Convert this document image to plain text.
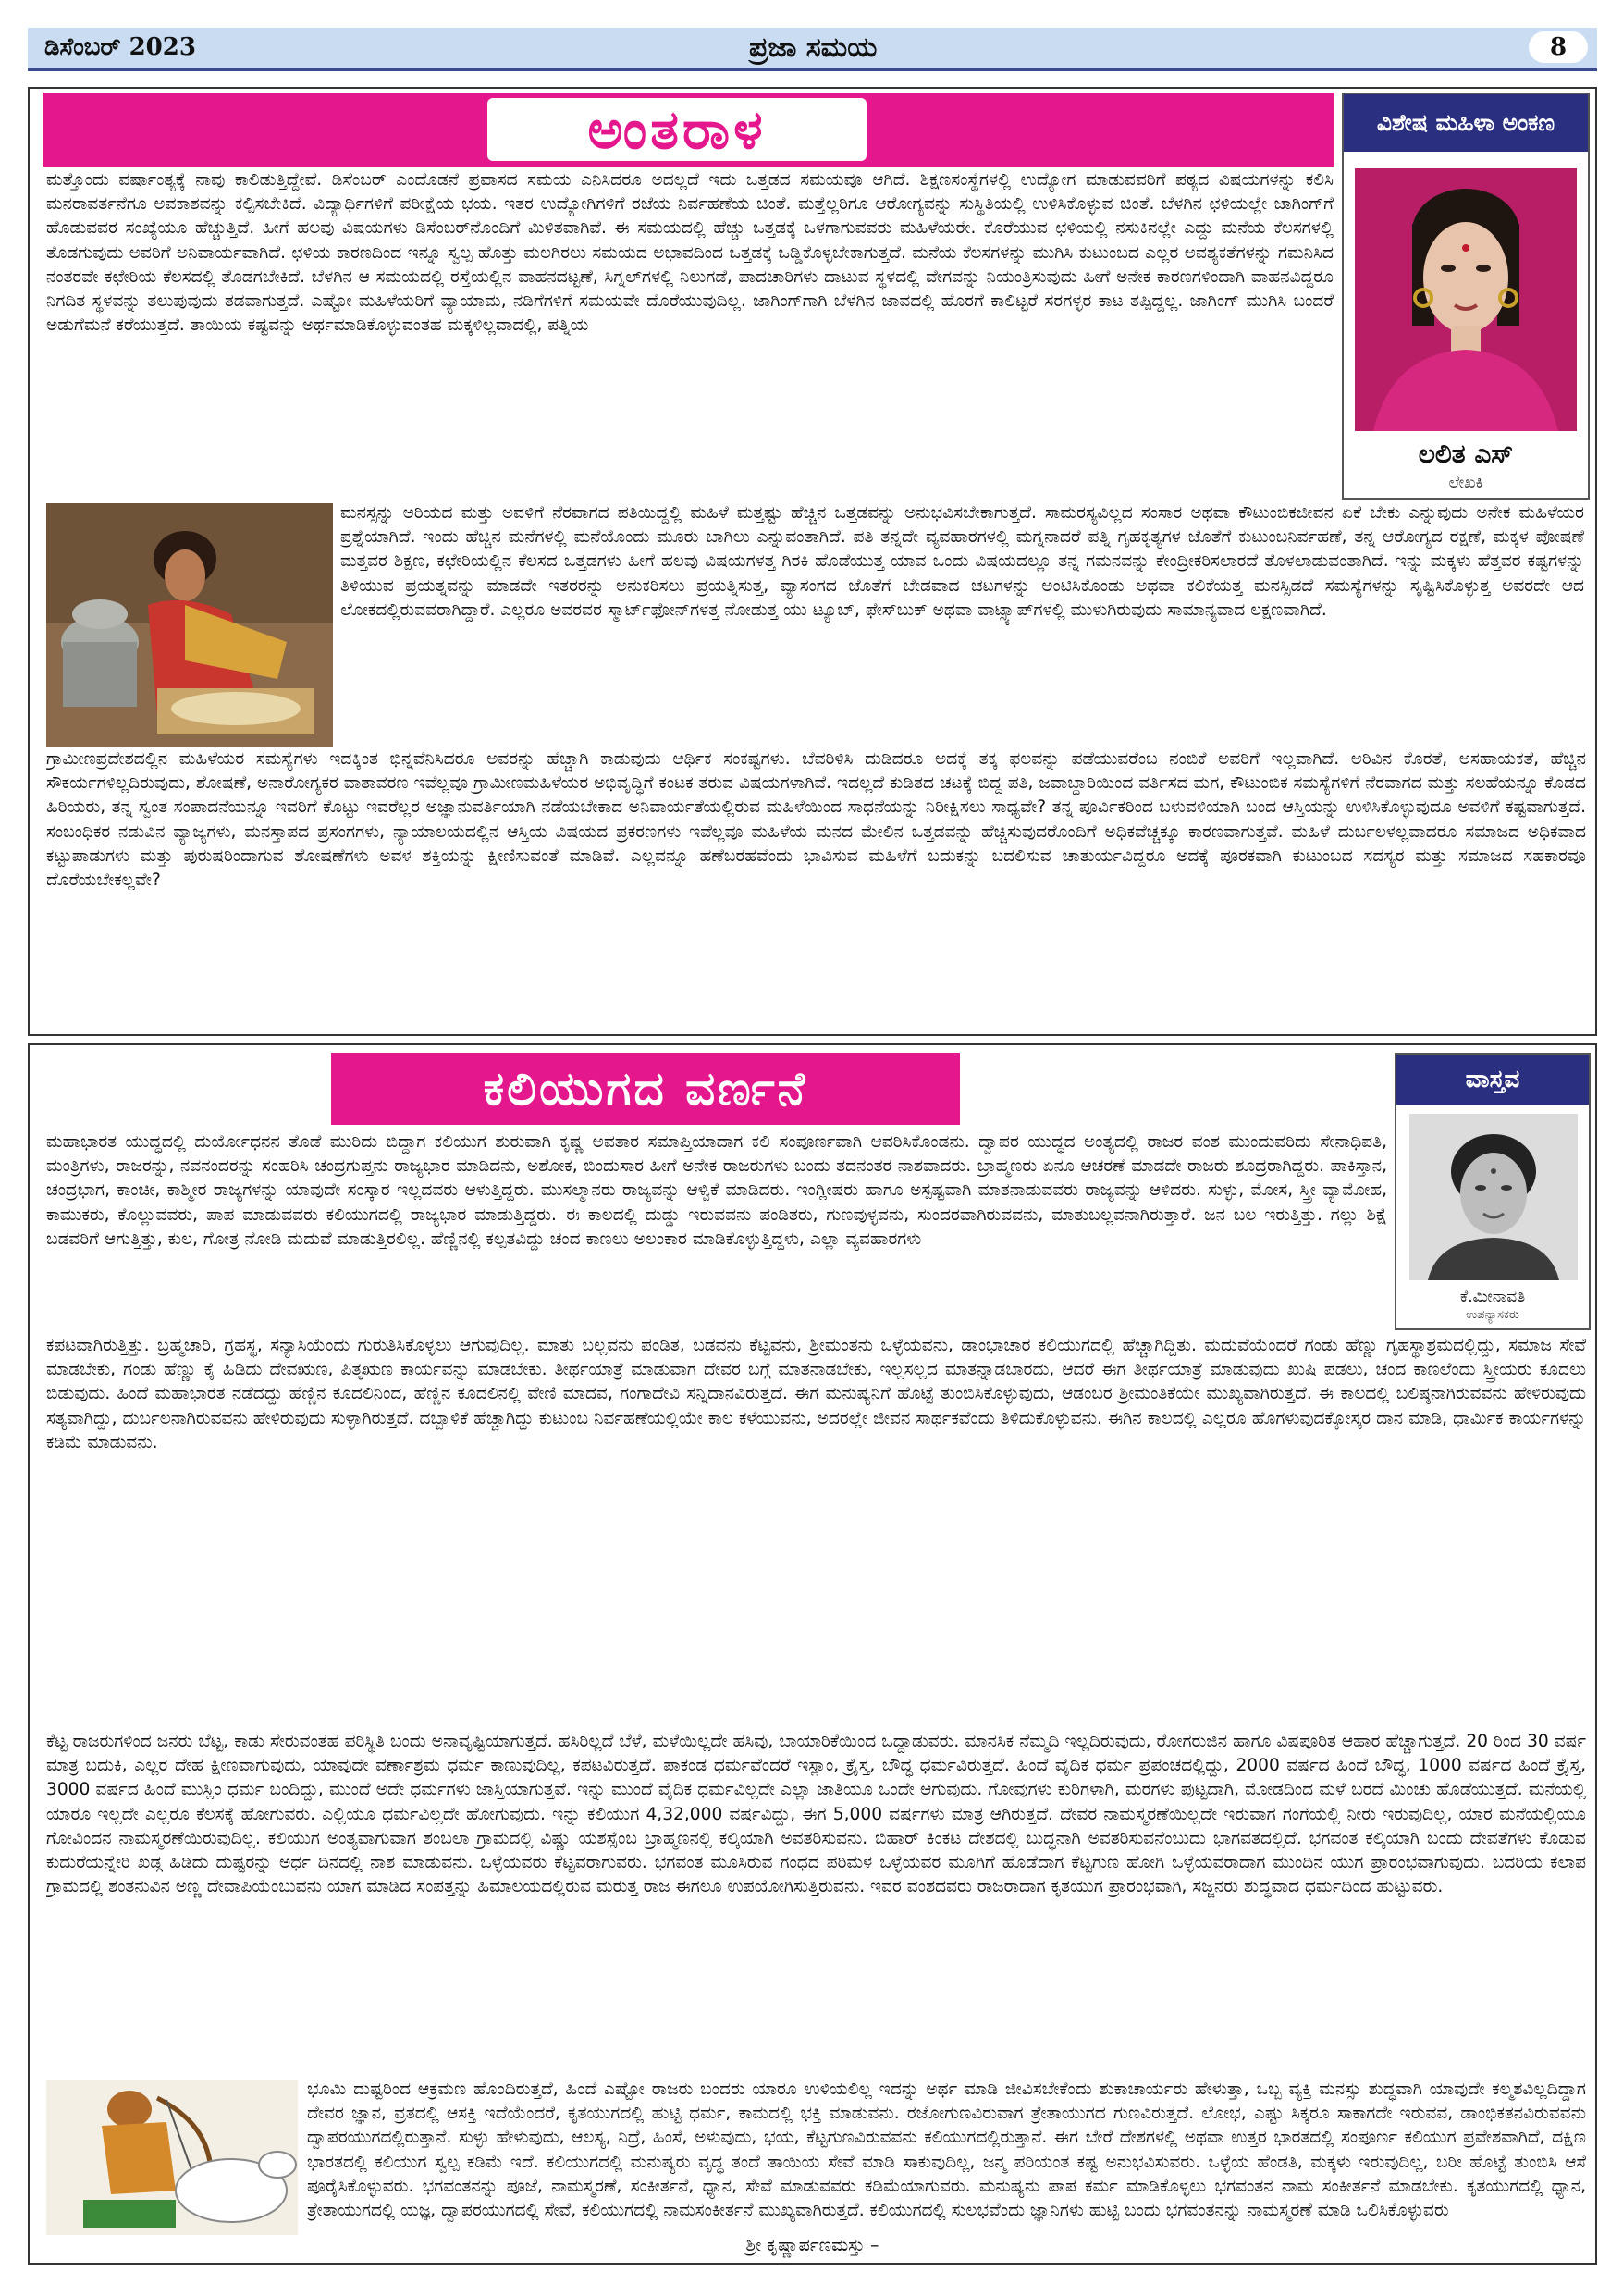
ಡಿಸೆಂಬರ್ 2023	ಪ್ರಜಾ ಸಮಯ	8
ಅಂತರಾಳ	ವಿಶೇಷ ಮಹಿಳಾ ಅಂಕಣ
ಲಲಿತ ಎಸ್
ಲೇಖಕಿ

ಮತ್ತೊಂದು ವರ್ಷಾಂತ್ಯಕ್ಕೆ ನಾವು ಕಾಲಿಡುತ್ತಿದ್ದೇವೆ. ಡಿಸೆಂಬರ್ ಎಂದೊಡನೆ ಪ್ರವಾಸದ ಸಮಯ ಎನಿಸಿದರೂ ಅದಲ್ಲದೆ ಇದು ಒತ್ತಡದ ಸಮಯವೂ ಆಗಿದೆ. ಶಿಕ್ಷಣಸಂಸ್ಥೆಗಳಲ್ಲಿ ಉದ್ಯೋಗ ಮಾಡುವವರಿಗೆ ಪಠ್ಯದ ವಿಷಯಗಳನ್ನು ಕಲಿಸಿ ಮನರಾವರ್ತನೆಗೂ ಅವಕಾಶವನ್ನು ಕಲ್ಪಿಸಬೇಕಿದೆ. ವಿದ್ಯಾರ್ಥಿಗಳಿಗೆ ಪರೀಕ್ಷೆಯ ಭಯ. ಇತರ ಉದ್ಯೋಗಿಗಳಿಗೆ ರಜೆಯ ನಿರ್ವಹಣೆಯ ಚಿಂತೆ. ಮತ್ತೆಲ್ಲರಿಗೂ ಆರೋಗ್ಯವನ್ನು ಸುಸ್ಥಿತಿಯಲ್ಲಿ ಉಳಿಸಿಕೊಳ್ಳುವ ಚಿಂತೆ. ಬೆಳಗಿನ ಛಳಿಯಲ್ಲೇ ಜಾಗಿಂಗ್‌ಗೆ ಹೊಡುವವರ ಸಂಖ್ಯೆಯೂ ಹೆಚ್ಚುತ್ತಿದೆ. ಹೀಗೆ ಹಲವು ವಿಷಯಗಳು ಡಿಸೆಂಬರ್‌ನೊಂದಿಗೆ ಮಿಳಿತವಾಗಿವೆ. ಈ ಸಮಯದಲ್ಲಿ ಹೆಚ್ಚು ಒತ್ತಡಕ್ಕೆ ಒಳಗಾಗುವವರು ಮಹಿಳೆಯರೇ. ಕೊರೆಯುವ ಛಳಿಯಲ್ಲಿ ನಸುಕಿನಲ್ಲೇ ಎದ್ದು ಮನೆಯ ಕೆಲಸಗಳಲ್ಲಿ ತೊಡಗುವುದು ಅವರಿಗೆ ಅನಿವಾರ್ಯವಾಗಿದೆ. ಛಳಿಯ ಕಾರಣದಿಂದ ಇನ್ನೂ ಸ್ವಲ್ಪ ಹೊತ್ತು ಮಲಗಿರಲು ಸಮಯದ ಅಭಾವದಿಂದ ಒತ್ತಡಕ್ಕೆ ಒಡ್ಡಿಕೊಳ್ಳಬೇಕಾಗುತ್ತದೆ. ಮನೆಯ ಕೆಲಸಗಳನ್ನು ಮುಗಿಸಿ ಕುಟುಂಬದ ಎಲ್ಲರ ಅವಶ್ಯಕತೆಗಳನ್ನು ಗಮನಿಸಿದ ನಂತರವೇ ಕಛೇರಿಯ ಕೆಲಸದಲ್ಲಿ ತೊಡಗಬೇಕಿದೆ. ಬೆಳಗಿನ ಆ ಸಮಯದಲ್ಲಿ ರಸ್ತೆಯಲ್ಲಿನ ವಾಹನದಟ್ಟಣೆ, ಸಿಗ್ನಲ್‌ಗಳಲ್ಲಿ ನಿಲುಗಡೆ, ಪಾದಚಾರಿಗಳು ದಾಟುವ ಸ್ಥಳದಲ್ಲಿ ವೇಗವನ್ನು ನಿಯಂತ್ರಿಸುವುದು ಹೀಗೆ ಅನೇಕ ಕಾರಣಗಳಿಂದಾಗಿ ವಾಹನವಿದ್ದರೂ ನಿಗದಿತ ಸ್ಥಳವನ್ನು ತಲುಪುವುದು ತಡವಾಗುತ್ತದೆ. ಎಷ್ಟೋ ಮಹಿಳೆಯರಿಗೆ ವ್ಯಾಯಾಮ, ನಡಿಗೆಗಳಿಗೆ ಸಮಯವೇ ದೊರೆಯುವುದಿಲ್ಲ. ಜಾಗಿಂಗ್‌ಗಾಗಿ ಬೆಳಗಿನ ಜಾವದಲ್ಲಿ ಹೊರಗೆ ಕಾಲಿಟ್ಟರೆ ಸರಗಳ್ಳರ ಕಾಟ ತಪ್ಪಿದ್ದಲ್ಲ. ಜಾಗಿಂಗ್ ಮುಗಿಸಿ ಬಂದರೆ ಅಡುಗೆಮನೆ ಕರೆಯುತ್ತದೆ. ತಾಯಿಯ ಕಷ್ಟವನ್ನು ಅರ್ಥಮಾಡಿಕೊಳ್ಳುವಂತಹ ಮಕ್ಕಳಿಲ್ಲವಾದಲ್ಲಿ, ಪತ್ನಿಯ

ಮನಸ್ಸನ್ನು ಅರಿಯದ ಮತ್ತು ಅವಳಿಗೆ ನೆರವಾಗದ ಪತಿಯಿದ್ದಲ್ಲಿ ಮಹಿಳೆ ಮತ್ತಷ್ಟು ಹೆಚ್ಚಿನ ಒತ್ತಡವನ್ನು ಅನುಭವಿಸಬೇಕಾಗುತ್ತದೆ. ಸಾಮರಸ್ಯವಿಲ್ಲದ ಸಂಸಾರ ಅಥವಾ ಕೌಟುಂಬಿಕಜೀವನ ಏಕೆ ಬೇಕು ಎನ್ನುವುದು ಅನೇಕ ಮಹಿಳೆಯರ ಪ್ರಶ್ನೆಯಾಗಿದೆ. ಇಂದು ಹೆಚ್ಚಿನ ಮನೆಗಳಲ್ಲಿ ಮನೆಯೊಂದು ಮೂರು ಬಾಗಿಲು ಎನ್ನುವಂತಾಗಿದೆ. ಪತಿ ತನ್ನದೇ ವ್ಯವಹಾರಗಳಲ್ಲಿ ಮಗ್ನನಾದರೆ ಪತ್ನಿ ಗೃಹಕೃತ್ಯಗಳ ಜೊತೆಗೆ ಕುಟುಂಬನಿರ್ವಹಣೆ, ತನ್ನ ಆರೋಗ್ಯದ ರಕ್ಷಣೆ, ಮಕ್ಕಳ ಪೋಷಣೆ ಮತ್ತವರ ಶಿಕ್ಷಣ, ಕಛೇರಿಯಲ್ಲಿನ ಕೆಲಸದ ಒತ್ತಡಗಳು ಹೀಗೆ ಹಲವು ವಿಷಯಗಳತ್ತ ಗಿರಕಿ ಹೊಡೆಯುತ್ತ ಯಾವ ಒಂದು ವಿಷಯದಲ್ಲೂ ತನ್ನ ಗಮನವನ್ನು ಕೇಂದ್ರೀಕರಿಸಲಾರದೆ ತೊಳಲಾಡುವಂತಾಗಿದೆ. ಇನ್ನು ಮಕ್ಕಳು ಹೆತ್ತವರ ಕಷ್ಟಗಳನ್ನು ತಿಳಿಯುವ ಪ್ರಯತ್ನವನ್ನು ಮಾಡದೇ ಇತರರನ್ನು ಅನುಕರಿಸಲು ಪ್ರಯತ್ನಿಸುತ್ತ, ವ್ಯಾಸಂಗದ ಜೊತೆಗೆ ಬೇಡವಾದ ಚಟಗಳನ್ನು ಅಂಟಿಸಿಕೊಂಡು ಅಥವಾ ಕಲಿಕೆಯತ್ತ ಮನಸ್ಸಿಡದೆ ಸಮಸ್ಯೆಗಳನ್ನು ಸೃಷ್ಟಿಸಿಕೊಳ್ಳುತ್ತ ಅವರದೇ ಆದ ಲೋಕದಲ್ಲಿರುವವರಾಗಿದ್ದಾರೆ. ಎಲ್ಲರೂ ಅವರವರ ಸ್ಮಾರ್ಟ್‌ಫೋನ್‌ಗಳತ್ತ ನೋಡುತ್ತ ಯು ಟ್ಯೂಬ್, ಫೇಸ್‌ಬುಕ್ ಅಥವಾ ವಾಟ್ಸ್ಯಾಪ್‌ಗಳಲ್ಲಿ ಮುಳುಗಿರುವುದು ಸಾಮಾನ್ಯವಾದ ಲಕ್ಷಣವಾಗಿದೆ.

ಗ್ರಾಮೀಣಪ್ರದೇಶದಲ್ಲಿನ ಮಹಿಳೆಯರ ಸಮಸ್ಯೆಗಳು ಇದಕ್ಕಿಂತ ಭಿನ್ನವೆನಿಸಿದರೂ ಅವರನ್ನು ಹೆಚ್ಚಾಗಿ ಕಾಡುವುದು ಆರ್ಥಿಕ ಸಂಕಷ್ಟಗಳು. ಬೆವರಿಳಿಸಿ ದುಡಿದರೂ ಅದಕ್ಕೆ ತಕ್ಕ ಫಲವನ್ನು ಪಡೆಯುವರೆಂಬ ನಂಬಿಕೆ ಅವರಿಗೆ ಇಲ್ಲವಾಗಿದೆ. ಅರಿವಿನ ಕೊರತೆ, ಅಸಹಾಯಕತೆ, ಹೆಚ್ಚಿನ ಸೌಕರ್ಯಗಳಿಲ್ಲದಿರುವುದು, ಶೋಷಣೆ, ಅನಾರೋಗ್ಯಕರ ವಾತಾವರಣ ಇವೆಲ್ಲವೂ ಗ್ರಾಮೀಣಮಹಿಳೆಯರ ಅಭಿವೃದ್ಧಿಗೆ ಕಂಟಕ ತರುವ ವಿಷಯಗಳಾಗಿವೆ. ಇದಲ್ಲದೆ ಕುಡಿತದ ಚಟಕ್ಕೆ ಬಿದ್ದ ಪತಿ, ಜವಾಬ್ದಾರಿಯಿಂದ ವರ್ತಿಸದ ಮಗ, ಕೌಟುಂಬಿಕ ಸಮಸ್ಯೆಗಳಿಗೆ ನೆರವಾಗದ ಮತ್ತು ಸಲಹೆಯನ್ನೂ ಕೊಡದ ಹಿರಿಯರು, ತನ್ನ ಸ್ವಂತ ಸಂಪಾದನೆಯನ್ನೂ ಇವರಿಗೆ ಕೊಟ್ಟು ಇವರೆಲ್ಲರ ಅಜ್ಞಾನುವರ್ತಿಯಾಗಿ ನಡೆಯಬೇಕಾದ ಅನಿವಾರ್ಯತೆಯಲ್ಲಿರುವ ಮಹಿಳೆಯಿಂದ ಸಾಧನೆಯನ್ನು ನಿರೀಕ್ಷಿಸಲು ಸಾಧ್ಯವೇ? ತನ್ನ ಪೂರ್ವಿಕರಿಂದ ಬಳುವಳಿಯಾಗಿ ಬಂದ ಆಸ್ತಿಯನ್ನು ಉಳಿಸಿಕೊಳ್ಳುವುದೂ ಅವಳಿಗೆ ಕಷ್ಟವಾಗುತ್ತದೆ. ಸಂಬಂಧಿಕರ ನಡುವಿನ ವ್ಯಾಜ್ಯಗಳು, ಮನಸ್ತಾಪದ ಪ್ರಸಂಗಗಳು, ನ್ಯಾಯಾಲಯದಲ್ಲಿನ ಆಸ್ತಿಯ ವಿಷಯದ ಪ್ರಕರಣಗಳು ಇವೆಲ್ಲವೂ ಮಹಿಳೆಯ ಮನದ ಮೇಲಿನ ಒತ್ತಡವನ್ನು ಹೆಚ್ಚಿಸುವುದರೊಂದಿಗೆ ಅಧಿಕವೆಚ್ಚಕ್ಕೂ ಕಾರಣವಾಗುತ್ತವೆ. ಮಹಿಳೆ ದುರ್ಬಲಳಲ್ಲವಾದರೂ ಸಮಾಜದ ಅಧಿಕವಾದ ಕಟ್ಟುಪಾಡುಗಳು ಮತ್ತು ಪುರುಷರಿಂದಾಗುವ ಶೋಷಣೆಗಳು ಅವಳ ಶಕ್ತಿಯನ್ನು ಕ್ಷೀಣಿಸುವಂತೆ ಮಾಡಿವೆ. ಎಲ್ಲವನ್ನೂ ಹಣೆಬರಹವೆಂದು ಭಾವಿಸುವ ಮಹಿಳೆಗೆ ಬದುಕನ್ನು ಬದಲಿಸುವ ಚಾತುರ್ಯವಿದ್ದರೂ ಅದಕ್ಕೆ ಪೂರಕವಾಗಿ ಕುಟುಂಬದ ಸದಸ್ಯರ ಮತ್ತು ಸಮಾಜದ ಸಹಕಾರವೂ ದೊರೆಯಬೇಕಲ್ಲವೇ?

ಕಲಿಯುಗದ ವರ್ಣನೆ	ವಾಸ್ತವ
ಕೆ.ಮೀನಾವತಿ
ಉಪನ್ಯಾಸಕರು

ಮಹಾಭಾರತ ಯುದ್ಧದಲ್ಲಿ ದುರ್ಯೋಧನನ ತೊಡೆ ಮುರಿದು ಬಿದ್ದಾಗ ಕಲಿಯುಗ ಶುರುವಾಗಿ ಕೃಷ್ಣ ಅವತಾರ ಸಮಾಪ್ತಿಯಾದಾಗ ಕಲಿ ಸಂಪೂರ್ಣವಾಗಿ ಆವರಿಸಿಕೊಂಡನು. ದ್ವಾಪರ ಯುದ್ಧದ ಅಂತ್ಯದಲ್ಲಿ ರಾಜರ ವಂಶ ಮುಂದುವರಿದು ಸೇನಾಧಿಪತಿ, ಮಂತ್ರಿಗಳು, ರಾಜರನ್ನು, ನವನಂದರನ್ನು ಸಂಹರಿಸಿ ಚಂದ್ರಗುಪ್ತನು ರಾಜ್ಯಭಾರ ಮಾಡಿದನು, ಅಶೋಕ, ಬಿಂದುಸಾರ ಹೀಗೆ ಅನೇಕ ರಾಜರುಗಳು ಬಂದು ತದನಂತರ ನಾಶವಾದರು. ಬ್ರಾಹ್ಮಣರು ಏನೂ ಆಚರಣೆ ಮಾಡದೇ ರಾಜರು ಶೂದ್ರರಾಗಿದ್ದರು. ಪಾಕಿಸ್ತಾನ, ಚಂದ್ರಭಾಗ, ಕಾಂಚೀ, ಕಾಶ್ಮೀರ ರಾಜ್ಯಗಳನ್ನು ಯಾವುದೇ ಸಂಸ್ಕಾರ ಇಲ್ಲದವರು ಆಳುತ್ತಿದ್ದರು. ಮುಸಲ್ಮಾನರು ರಾಜ್ಯವನ್ನು ಆಳ್ವಿಕೆ ಮಾಡಿದರು. ಇಂಗ್ಲೀಷರು ಹಾಗೂ ಅಸ್ಪಷ್ಟವಾಗಿ ಮಾತನಾಡುವವರು ರಾಜ್ಯವನ್ನು ಆಳಿದರು. ಸುಳ್ಳು, ಮೋಸ, ಸ್ತ್ರೀ ವ್ಯಾಮೋಹ, ಕಾಮುಕರು, ಕೊಲ್ಲುವವರು, ಪಾಪ ಮಾಡುವವರು ಕಲಿಯುಗದಲ್ಲಿ ರಾಜ್ಯಭಾರ ಮಾಡುತ್ತಿದ್ದರು. ಈ ಕಾಲದಲ್ಲಿ ದುಡ್ಡು ಇರುವವನು ಪಂಡಿತರು, ಗುಣವುಳ್ಳವನು, ಸುಂದರವಾಗಿರುವವನು, ಮಾತುಬಲ್ಲವನಾಗಿರುತ್ತಾರೆ. ಜನ ಬಲ ಇರುತ್ತಿತ್ತು. ಗಲ್ಲು ಶಿಕ್ಷೆ ಬಡವರಿಗೆ ಆಗುತ್ತಿತ್ತು, ಕುಲ, ಗೋತ್ರ ನೋಡಿ ಮದುವೆ ಮಾಡುತ್ತಿರಲಿಲ್ಲ. ಹೆಣ್ಣಿನಲ್ಲಿ ಕಲ್ಪತವಿದ್ದು ಚಂದ ಕಾಣಲು ಅಲಂಕಾರ ಮಾಡಿಕೊಳ್ಳುತ್ತಿದ್ದಳು, ಎಲ್ಲಾ ವ್ಯವಹಾರಗಳು

ಕಪಟವಾಗಿರುತ್ತಿತ್ತು. ಬ್ರಹ್ಮಚಾರಿ, ಗ್ರಹಸ್ಥ, ಸನ್ಯಾಸಿಯೆಂದು ಗುರುತಿಸಿಕೊಳ್ಳಲು ಆಗುವುದಿಲ್ಲ. ಮಾತು ಬಲ್ಲವನು ಪಂಡಿತ, ಬಡವನು ಕೆಟ್ಟವನು, ಶ್ರೀಮಂತನು ಒಳ್ಳೆಯವನು, ಡಾಂಭಾಚಾರ ಕಲಿಯುಗದಲ್ಲಿ ಹೆಚ್ಚಾಗಿದ್ದಿತು. ಮದುವೆಯೆಂದರೆ ಗಂಡು ಹೆಣ್ಣು ಗೃಹಸ್ಥಾಶ್ರಮದಲ್ಲಿದ್ದು, ಸಮಾಜ ಸೇವೆ ಮಾಡಬೇಕು, ಗಂಡು ಹೆಣ್ಣು ಕೈ ಹಿಡಿದು ದೇವಋಣ, ಪಿತೃಋಣ ಕಾರ್ಯವನ್ನು ಮಾಡಬೇಕು. ತೀರ್ಥಯಾತ್ರೆ ಮಾಡುವಾಗ ದೇವರ ಬಗ್ಗೆ ಮಾತನಾಡಬೇಕು, ಇಲ್ಲಸಲ್ಲದ ಮಾತನ್ನಾಡಬಾರದು, ಆದರೆ ಈಗ ತೀರ್ಥಯಾತ್ರೆ ಮಾಡುವುದು ಖುಷಿ ಪಡಲು, ಚಂದ ಕಾಣಲೆಂದು ಸ್ತ್ರೀಯರು ಕೂದಲು ಬಿಡುವುದು. ಹಿಂದೆ ಮಹಾಭಾರತ ನಡೆದದ್ದು ಹೆಣ್ಣಿನ ಕೂದಲಿನಿಂದ, ಹೆಣ್ಣಿನ ಕೂದಲಿನಲ್ಲಿ ವೇಣಿ ಮಾದವ, ಗಂಗಾದೇವಿ ಸನ್ನಿದಾನವಿರುತ್ತದೆ. ಈಗ ಮನುಷ್ಯನಿಗೆ ಹೊಟ್ಟೆ ತುಂಬಿಸಿಕೊಳ್ಳುವುದು, ಆಡಂಬರ ಶ್ರೀಮಂತಿಕೆಯೇ ಮುಖ್ಯವಾಗಿರುತ್ತದೆ. ಈ ಕಾಲದಲ್ಲಿ ಬಲಿಷ್ಠನಾಗಿರುವವನು ಹೇಳಿರುವುದು ಸತ್ಯವಾಗಿದ್ದು, ದುರ್ಬಲನಾಗಿರುವವನು ಹೇಳಿರುವುದು ಸುಳ್ಳಾಗಿರುತ್ತದೆ. ದಬ್ಬಾಳಿಕೆ ಹೆಚ್ಚಾಗಿದ್ದು ಕುಟುಂಬ ನಿರ್ವಹಣೆಯಲ್ಲಿಯೇ ಕಾಲ ಕಳೆಯುವನು, ಅದರಲ್ಲೇ ಜೀವನ ಸಾರ್ಥಕವೆಂದು ತಿಳಿದುಕೊಳ್ಳುವನು. ಈಗಿನ ಕಾಲದಲ್ಲಿ ಎಲ್ಲರೂ ಹೊಗಳುವುದಕ್ಕೋಸ್ಕರ ದಾನ ಮಾಡಿ, ಧಾರ್ಮಿಕ ಕಾರ್ಯಗಳನ್ನು ಕಡಿಮೆ ಮಾಡುವನು.

ಕೆಟ್ಟ ರಾಜರುಗಳಿಂದ ಜನರು ಬೆಟ್ಟ, ಕಾಡು ಸೇರುವಂತಹ ಪರಿಸ್ಥಿತಿ ಬಂದು ಅನಾವೃಷ್ಟಿಯಾಗುತ್ತದೆ. ಹಸಿರಿಲ್ಲದೆ ಬೆಳೆ, ಮಳೆಯಿಲ್ಲದೇ ಹಸಿವು, ಬಾಯಾರಿಕೆಯಿಂದ ಒದ್ದಾಡುವರು. ಮಾನಸಿಕ ನೆಮ್ಮದಿ ಇಲ್ಲದಿರುವುದು, ರೋಗರುಜಿನ ಹಾಗೂ ವಿಷಪೂರಿತ ಆಹಾರ ಹೆಚ್ಚಾಗುತ್ತದೆ. 20 ರಿಂದ 30 ವರ್ಷ ಮಾತ್ರ ಬದುಕಿ, ಎಲ್ಲರ ದೇಹ ಕ್ಷೀಣವಾಗುವುದು, ಯಾವುದೇ ವರ್ಣಾಶ್ರಮ ಧರ್ಮ ಕಾಣುವುದಿಲ್ಲ, ಕಪಟವಿರುತ್ತದೆ. ಪಾಕಂಡ ಧರ್ಮವೆಂದರೆ ಇಸ್ಲಾಂ, ಕ್ರೈಸ್ತ, ಬೌದ್ಧ ಧರ್ಮವಿರುತ್ತದೆ. ಹಿಂದೆ ವೈದಿಕ ಧರ್ಮ ಪ್ರಪಂಚದಲ್ಲಿದ್ದು, 2000 ವರ್ಷದ ಹಿಂದೆ ಬೌದ್ಧ, 1000 ವರ್ಷದ ಹಿಂದೆ ಕ್ರೈಸ್ತ, 3000 ವರ್ಷದ ಹಿಂದೆ ಮುಸ್ಲಿಂ ಧರ್ಮ ಬಂದಿದ್ದು, ಮುಂದೆ ಅದೇ ಧರ್ಮಗಳು ಜಾಸ್ತಿಯಾಗುತ್ತವೆ. ಇನ್ನು ಮುಂದೆ ವೈದಿಕ ಧರ್ಮವಿಲ್ಲದೇ ಎಲ್ಲಾ ಜಾತಿಯೂ ಒಂದೇ ಆಗುವುದು. ಗೋವುಗಳು ಕುರಿಗಳಾಗಿ, ಮರಗಳು ಪುಟ್ಟದಾಗಿ, ಮೋಡದಿಂದ ಮಳೆ ಬರದೆ ಮಿಂಚು ಹೊಡೆಯುತ್ತದೆ. ಮನೆಯಲ್ಲಿ ಯಾರೂ ಇಲ್ಲದೇ ಎಲ್ಲರೂ ಕೆಲಸಕ್ಕೆ ಹೋಗುವರು. ಎಲ್ಲಿಯೂ ಧರ್ಮವಿಲ್ಲದೇ ಹೋಗುವುದು. ಇನ್ನು ಕಲಿಯುಗ 4,32,000 ವರ್ಷವಿದ್ದು, ಈಗ 5,000 ವರ್ಷಗಳು ಮಾತ್ರ ಆಗಿರುತ್ತದೆ. ದೇವರ ನಾಮಸ್ಮರಣೆಯಿಲ್ಲದೇ ಇರುವಾಗ ಗಂಗೆಯಲ್ಲಿ ನೀರು ಇರುವುದಿಲ್ಲ, ಯಾರ ಮನೆಯಲ್ಲಿಯೂ ಗೋವಿಂದನ ನಾಮಸ್ಮರಣೆಯಿರುವುದಿಲ್ಲ. ಕಲಿಯುಗ ಅಂತ್ಯವಾಗುವಾಗ ಶಂಬಲಾ ಗ್ರಾಮದಲ್ಲಿ ವಿಷ್ಣು ಯಶಸ್ಸೆಂಬ ಬ್ರಾಹ್ಮಣನಲ್ಲಿ ಕಲ್ಕಿಯಾಗಿ ಅವತರಿಸುವನು. ಬಿಹಾರ್ ಕಿಂಕಟ ದೇಶದಲ್ಲಿ ಬುದ್ಧನಾಗಿ ಅವತರಿಸುವನೆಂಬುದು ಭಾಗವತದಲ್ಲಿದೆ. ಭಗವಂತ ಕಲ್ಕಿಯಾಗಿ ಬಂದು ದೇವತೆಗಳು ಕೊಡುವ ಕುದುರೆಯನ್ನೇರಿ ಖಡ್ಗ ಹಿಡಿದು ದುಷ್ಟರನ್ನು ಅರ್ಧ ದಿನದಲ್ಲಿ ನಾಶ ಮಾಡುವನು. ಒಳ್ಳೆಯವರು ಕೆಟ್ಟವರಾಗುವರು. ಭಗವಂತ ಮೂಸಿರುವ ಗಂಧದ ಪರಿಮಳ ಒಳ್ಳೆಯವರ ಮೂಗಿಗೆ ಹೊಡೆದಾಗ ಕೆಟ್ಟಗುಣ ಹೋಗಿ ಒಳ್ಳೆಯವರಾದಾಗ ಮುಂದಿನ ಯುಗ ಪ್ರಾರಂಭವಾಗುವುದು. ಬದರಿಯ ಕಲಾಪ ಗ್ರಾಮದಲ್ಲಿ ಶಂತನುವಿನ ಅಣ್ಣ ದೇವಾಪಿಯೆಂಬುವನು ಯಾಗ ಮಾಡಿದ ಸಂಪತ್ತನ್ನು ಹಿಮಾಲಯದಲ್ಲಿರುವ ಮರುತ್ತ ರಾಜ ಈಗಲೂ ಉಪಯೋಗಿಸುತ್ತಿರುವನು. ಇವರ ವಂಶದವರು ರಾಜರಾದಾಗ ಕೃತಯುಗ ಪ್ರಾರಂಭವಾಗಿ, ಸಜ್ಜನರು ಶುದ್ಧವಾದ ಧರ್ಮದಿಂದ ಹುಟ್ಟುವರು.

ಭೂಮಿ ದುಷ್ಟರಿಂದ ಆಕ್ರಮಣ ಹೊಂದಿರುತ್ತದೆ, ಹಿಂದೆ ಎಷ್ಟೋ ರಾಜರು ಬಂದರು ಯಾರೂ ಉಳಿಯಲಿಲ್ಲ ಇದನ್ನು ಅರ್ಥ ಮಾಡಿ ಜೀವಿಸಬೇಕೆಂದು ಶುಕಾಚಾರ್ಯರು ಹೇಳುತ್ತಾ, ಒಬ್ಬ ವ್ಯಕ್ತಿ ಮನಸ್ಸು ಶುದ್ಧವಾಗಿ ಯಾವುದೇ ಕಲ್ಮಶವಿಲ್ಲದಿದ್ದಾಗ ದೇವರ ಜ್ಞಾನ, ವ್ರತದಲ್ಲಿ ಆಸಕ್ತಿ ಇದೆಯೆಂದರೆ, ಕೃತಯುಗದಲ್ಲಿ ಹುಟ್ಟಿ ಧರ್ಮ, ಕಾಮದಲ್ಲಿ ಭಕ್ತಿ ಮಾಡುವನು. ರಜೋಗುಣವಿರುವಾಗ ತ್ರೇತಾಯುಗದ ಗುಣವಿರುತ್ತದೆ. ಲೋಭ, ಎಷ್ಟು ಸಿಕ್ಕರೂ ಸಾಕಾಗದೇ ಇರುವವ, ಡಾಂಭಿಕತನವಿರುವವನು ದ್ವಾಪರಯುಗದಲ್ಲಿರುತ್ತಾನೆ. ಸುಳ್ಳು ಹೇಳುವುದು, ಆಲಸ್ಯ, ನಿದ್ರೆ, ಹಿಂಸೆ, ಅಳುವುದು, ಭಯ, ಕೆಟ್ಟಗುಣವಿರುವವನು ಕಲಿಯುಗದಲ್ಲಿರುತ್ತಾನೆ. ಈಗ ಬೇರೆ ದೇಶಗಳಲ್ಲಿ ಅಥವಾ ಉತ್ತರ ಭಾರತದಲ್ಲಿ ಸಂಪೂರ್ಣ ಕಲಿಯುಗ ಪ್ರವೇಶವಾಗಿದೆ, ದಕ್ಷಿಣ ಭಾರತದಲ್ಲಿ ಕಲಿಯುಗ ಸ್ವಲ್ಪ ಕಡಿಮೆ ಇದೆ. ಕಲಿಯುಗದಲ್ಲಿ ಮನುಷ್ಯರು ವೃದ್ಧ ತಂದೆ ತಾಯಿಯ ಸೇವೆ ಮಾಡಿ ಸಾಕುವುದಿಲ್ಲ, ಜನ್ಮ ಪರಿಯಂತ ಕಷ್ಟ ಅನುಭವಿಸುವರು. ಒಳ್ಳೆಯ ಹೆಂಡತಿ, ಮಕ್ಕಳು ಇರುವುದಿಲ್ಲ, ಬರೀ ಹೊಟ್ಟೆ ತುಂಬಿಸಿ ಆಸೆ ಪೂರೈಸಿಕೊಳ್ಳುವರು. ಭಗವಂತನನ್ನು ಪೂಜೆ, ನಾಮಸ್ಮರಣೆ, ಸಂಕೀರ್ತನೆ, ಧ್ಯಾನ, ಸೇವೆ ಮಾಡುವವರು ಕಡಿಮೆಯಾಗುವರು. ಮನುಷ್ಯನು ಪಾಪ ಕರ್ಮ ಮಾಡಿಕೊಳ್ಳಲು ಭಗವಂತನ ನಾಮ ಸಂಕೀರ್ತನೆ ಮಾಡಬೇಕು. ಕೃತಯುಗದಲ್ಲಿ ಧ್ಯಾನ, ತ್ರೇತಾಯುಗದಲ್ಲಿ ಯಜ್ಞ, ದ್ವಾಪರಯುಗದಲ್ಲಿ ಸೇವೆ, ಕಲಿಯುಗದಲ್ಲಿ ನಾಮಸಂಕೀರ್ತನೆ ಮುಖ್ಯವಾಗಿರುತ್ತದೆ. ಕಲಿಯುಗದಲ್ಲಿ ಸುಲಭವೆಂದು ಜ್ಞಾನಿಗಳು ಹುಟ್ಟಿ ಬಂದು ಭಗವಂತನನ್ನು ನಾಮಸ್ಮರಣೆ ಮಾಡಿ ಒಲಿಸಿಕೊಳ್ಳುವರು

ಶ್ರೀ ಕೃಷ್ಣಾರ್ಪಣಮಸ್ತು –
